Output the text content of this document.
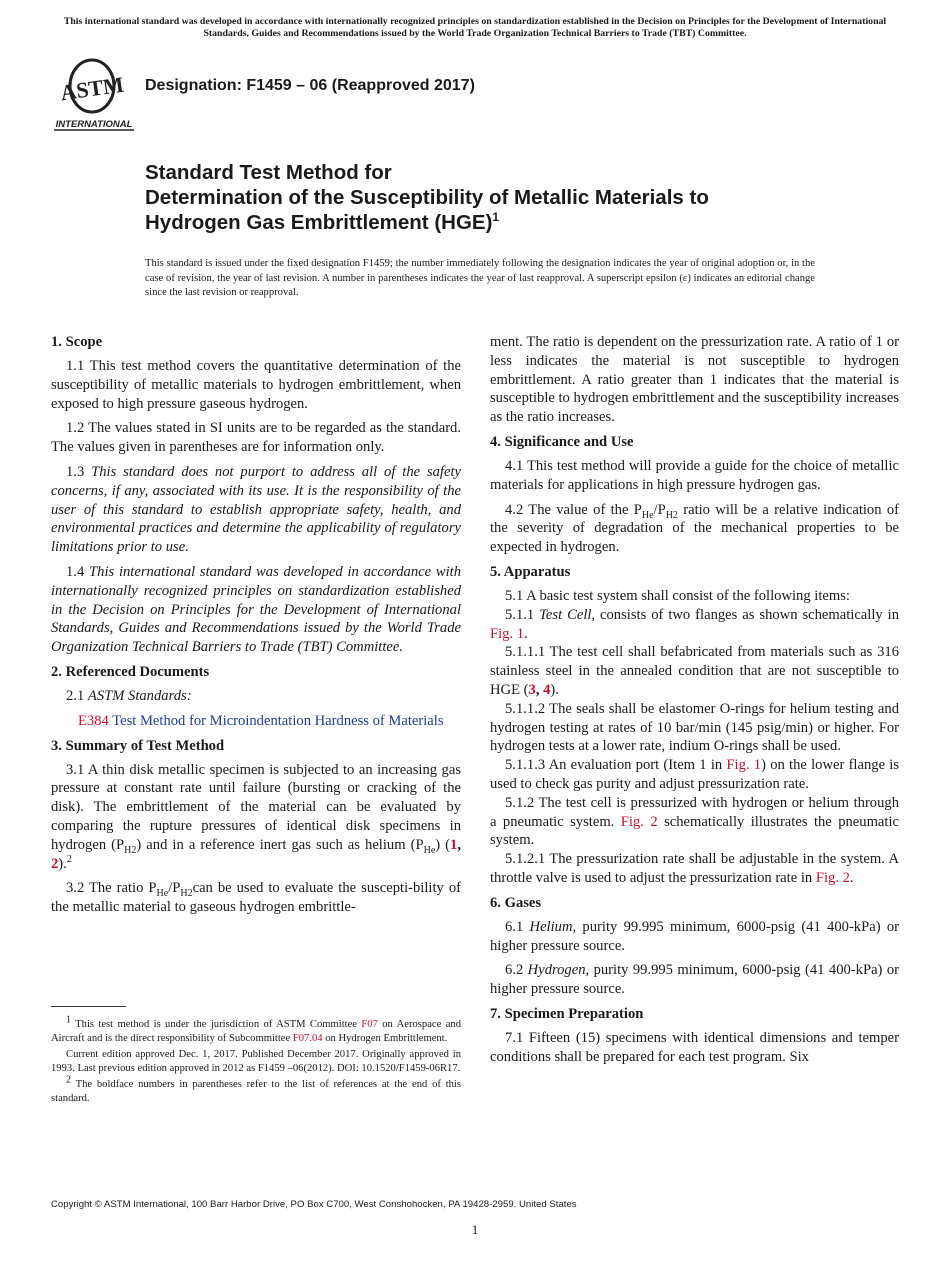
This international standard was developed in accordance with internationally recognized principles on standardization established in the Decision on Principles for the Development of International Standards, Guides and Recommendations issued by the World Trade Organization Technical Barriers to Trade (TBT) Committee.
ASTM
INTERNATIONAL
Designation: F1459 – 06 (Reapproved 2017)
Standard Test Method for
Determination of the Susceptibility of Metallic Materials to
Hydrogen Gas Embrittlement (HGE)$^1$
This standard is issued under the fixed designation F1459; the number immediately following the designation indicates the year of original adoption or, in the case of revision, the year of last revision. A number in parentheses indicates the year of last reapproval. A superscript epsilon (ε) indicates an editorial change since the last revision or reapproval.
1. Scope

1.1 This test method covers the quantitative determination of the susceptibility of metallic materials to hydrogen embrittlement, when exposed to high pressure gaseous hydrogen.

1.2 The values stated in SI units are to be regarded as the standard. The values given in parentheses are for information only.

1.3 This standard does not purport to address all of the safety concerns, if any, associated with its use. It is the responsibility of the user of this standard to establish appropriate safety, health, and environmental practices and determine the applicability of regulatory limitations prior to use.

1.4 This international standard was developed in accordance with internationally recognized principles on standardization established in the Decision on Principles for the Development of International Standards, Guides and Recommendations issued by the World Trade Organization Technical Barriers to Trade (TBT) Committee.

2. Referenced Documents

2.1 ASTM Standards:

E384 Test Method for Microindentation Hardness of Materials

3. Summary of Test Method

3.1 A thin disk metallic specimen is subjected to an increasing gas pressure at constant rate until failure (bursting or cracking of the disk). The embrittlement of the material can be evaluated by comparing the rupture pressures of identical disk specimens in hydrogen $(P_{H2})$ and in a reference inert gas such as helium $(P_{He})$ (1, 2).$^2$

3.2 The ratio $P_{He}/P_{H2}can$ be used to evaluate the suscepti-bility of the metallic material to gaseous hydrogen embrittle-

ment. The ratio is dependent on the pressurization rate. A ratio of 1 or less indicates the material is not susceptible to hydrogen embrittlement. A ratio greater than 1 indicates that the material is susceptible to hydrogen embrittlement and the susceptibility increases as the ratio increases.

4. Significance and Use

4.1 This test method will provide a guide for the choice of metallic materials for applications in high pressure hydrogen gas.

4.2 The value of the $P_{He}/P_{H2}$ ratio will be a relative indication of the severity of degradation of the mechanical properties to be expected in hydrogen.

5. Apparatus

5.1 A basic test system shall consist of the following items:

5.1.1 Test Cell, consists of two flanges as shown schematically in Fig. 1.

5.1.1.1 The test cell shall befabricated from materials such as 316 stainless steel in the annealed condition that are not susceptible to HGE (3, 4).

5.1.1.2 The seals shall be elastomer O-rings for helium testing and hydrogen testing at rates of 10 bar/min (145 psig/min) or higher. For hydrogen tests at a lower rate, indium O-rings shall be used.

5.1.1.3 An evaluation port (Item 1 in Fig. 1) on the lower flange is used to check gas purity and adjust pressurization rate.

5.1.2 The test cell is pressurized with hydrogen or helium through a pneumatic system. Fig. 2 schematically illustrates the pneumatic system.

5.1.2.1 The pressurization rate shall be adjustable in the system. A throttle valve is used to adjust the pressurization rate in Fig. 2.

6. Gases

6.1 Helium, purity 99.995 minimum, 6000-psig (41 400-kPa) or higher pressure source.

6.2 Hydrogen, purity 99.995 minimum, 6000-psig (41 400-kPa) or higher pressure source.

7. Specimen Preparation

7.1 Fifteen (15) specimens with identical dimensions and temper conditions shall be prepared for each test program. Six

$^1$ This test method is under the jurisdiction of ASTM Committee F07 on Aerospace and Aircraft and is the direct responsibility of Subcommittee F07.04 on Hydrogen Embrittlement.

Current edition approved Dec. 1, 2017. Published December 2017. Originally approved in 1993. Last previous edition approved in 2012 as F1459 –06(2012). DOI: 10.1520/F1459-06R17.

$^2$ The boldface numbers in parentheses refer to the list of references at the end of this standard.

Copyright © ASTM International, 100 Barr Harbor Drive, PO Box C700, West Conshohocken, PA 19428-2959. United States
1
